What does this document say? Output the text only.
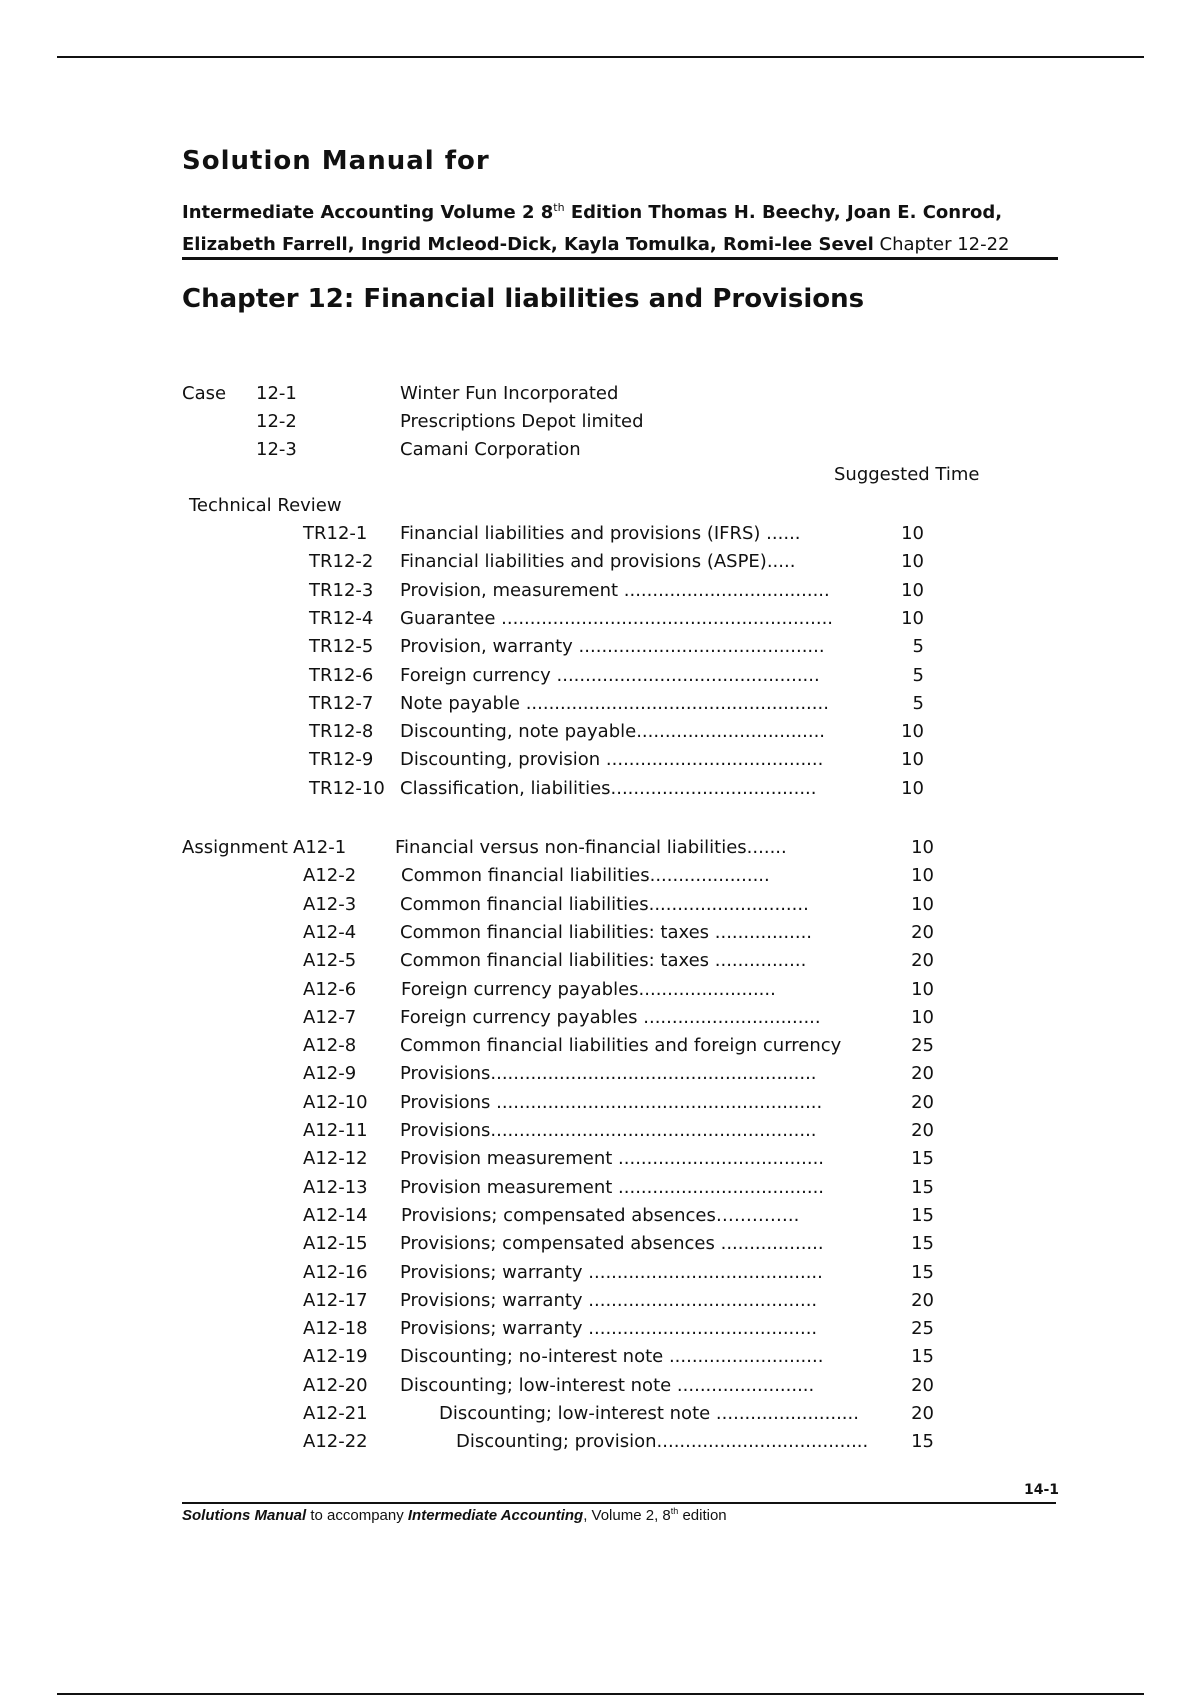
Solution Manual for

Intermediate Accounting Volume 2 8th Edition Thomas H. Beechy, Joan E. Conrod, Elizabeth Farrell, Ingrid Mcleod-Dick, Kayla Tomulka, Romi-lee Sevel Chapter 12-22

Chapter 12: Financial liabilities and Provisions
Case 12-1	Winter Fun Incorporated
12-2	Prescriptions Depot limited
12-3	Camani Corporation
Suggested Time
Technical Review
TR12-1 Financial liabilities and provisions (IFRS) ......	10
TR12-2 Financial liabilities and provisions (ASPE).....	10
TR12-3 Provision, measurement ....................................	10
TR12-4 Guarantee ..........................................................	10
TR12-5 Provision, warranty ...........................................	5
TR12-6 Foreign currency ..............................................	5
TR12-7 Note payable .....................................................	5
TR12-8 Discounting, note payable.................................	10
TR12-9 Discounting, provision ......................................	10
TR12-10 Classification, liabilities....................................	10
Assignment A12-1	Financial versus non-financial liabilities.......	10
A12-2 Common financial liabilities.....................	10
A12-3 Common financial liabilities............................	10
A12-4 Common financial liabilities: taxes .................	20
A12-5 Common financial liabilities: taxes ................	20
A12-6 Foreign currency payables........................	10
A12-7 Foreign currency payables ...............................	10
A12-8 Common financial liabilities and foreign currency	25
A12-9 Provisions.........................................................	20
A12-10 Provisions .........................................................	20
A12-11 Provisions.........................................................	20
A12-12 Provision measurement ....................................	15
A12-13 Provision measurement ....................................	15
A12-14 Provisions; compensated absences…………..	15
A12-15 Provisions; compensated absences ..................	15
A12-16 Provisions; warranty .........................................	15
A12-17 Provisions; warranty ........................................	20
A12-18 Provisions; warranty ........................................	25
A12-19 Discounting; no-interest note ...........................	15
A12-20 Discounting; low-interest note ........................	20
A12-21	Discounting; low-interest note .........................	20
A12-22	Discounting; provision.....................................	15
14-1
Solutions Manual to accompany Intermediate Accounting, Volume 2, 8th edition
